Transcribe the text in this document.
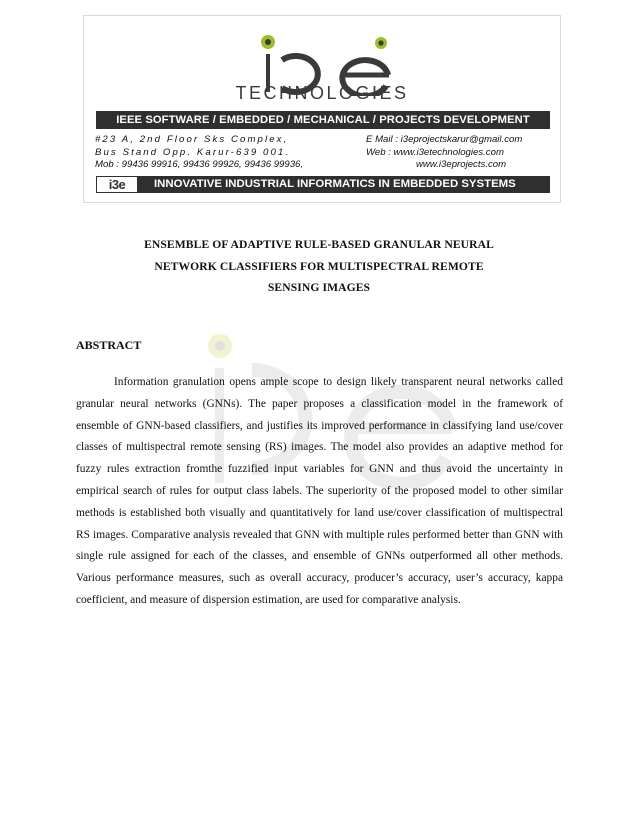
TECHNOLOGIES
IEEE SOFTWARE / EMBEDDED / MECHANICAL / PROJECTS DEVELOPMENT
#23 A, 2nd Floor Sks Complex,
Bus Stand Opp. Karur-639 001.
Mob : 99436 99916, 99436 99926, 99436 99936,
E Mail : i3eprojectskarur@gmail.com
Web : www.i3etechnologies.com
www.i3eprojects.com
i3e	INNOVATIVE INDUSTRIAL INFORMATICS IN EMBEDDED SYSTEMS
ENSEMBLE OF ADAPTIVE RULE-BASED GRANULAR NEURAL
NETWORK CLASSIFIERS FOR MULTISPECTRAL REMOTE
SENSING IMAGES
ABSTRACT

Information granulation opens ample scope to design likely transparent neural networks called granular neural networks (GNNs). The paper proposes a classification model in the framework of ensemble of GNN-based classifiers, and justifies its improved performance in classifying land use/cover classes of multispectral remote sensing (RS) images. The model also provides an adaptive method for fuzzy rules extraction fromthe fuzzified input variables for GNN and thus avoid the uncertainty in empirical search of rules for output class labels. The superiority of the proposed model to other similar methods is established both visually and quantitatively for land use/cover classification of multispectral RS images. Comparative analysis revealed that GNN with multiple rules performed better than GNN with single rule assigned for each of the classes, and ensemble of GNNs outperformed all other methods. Various performance measures, such as overall accuracy, producer’s accuracy, user’s accuracy, kappa coefficient, and measure of dispersion estimation, are used for comparative analysis.
